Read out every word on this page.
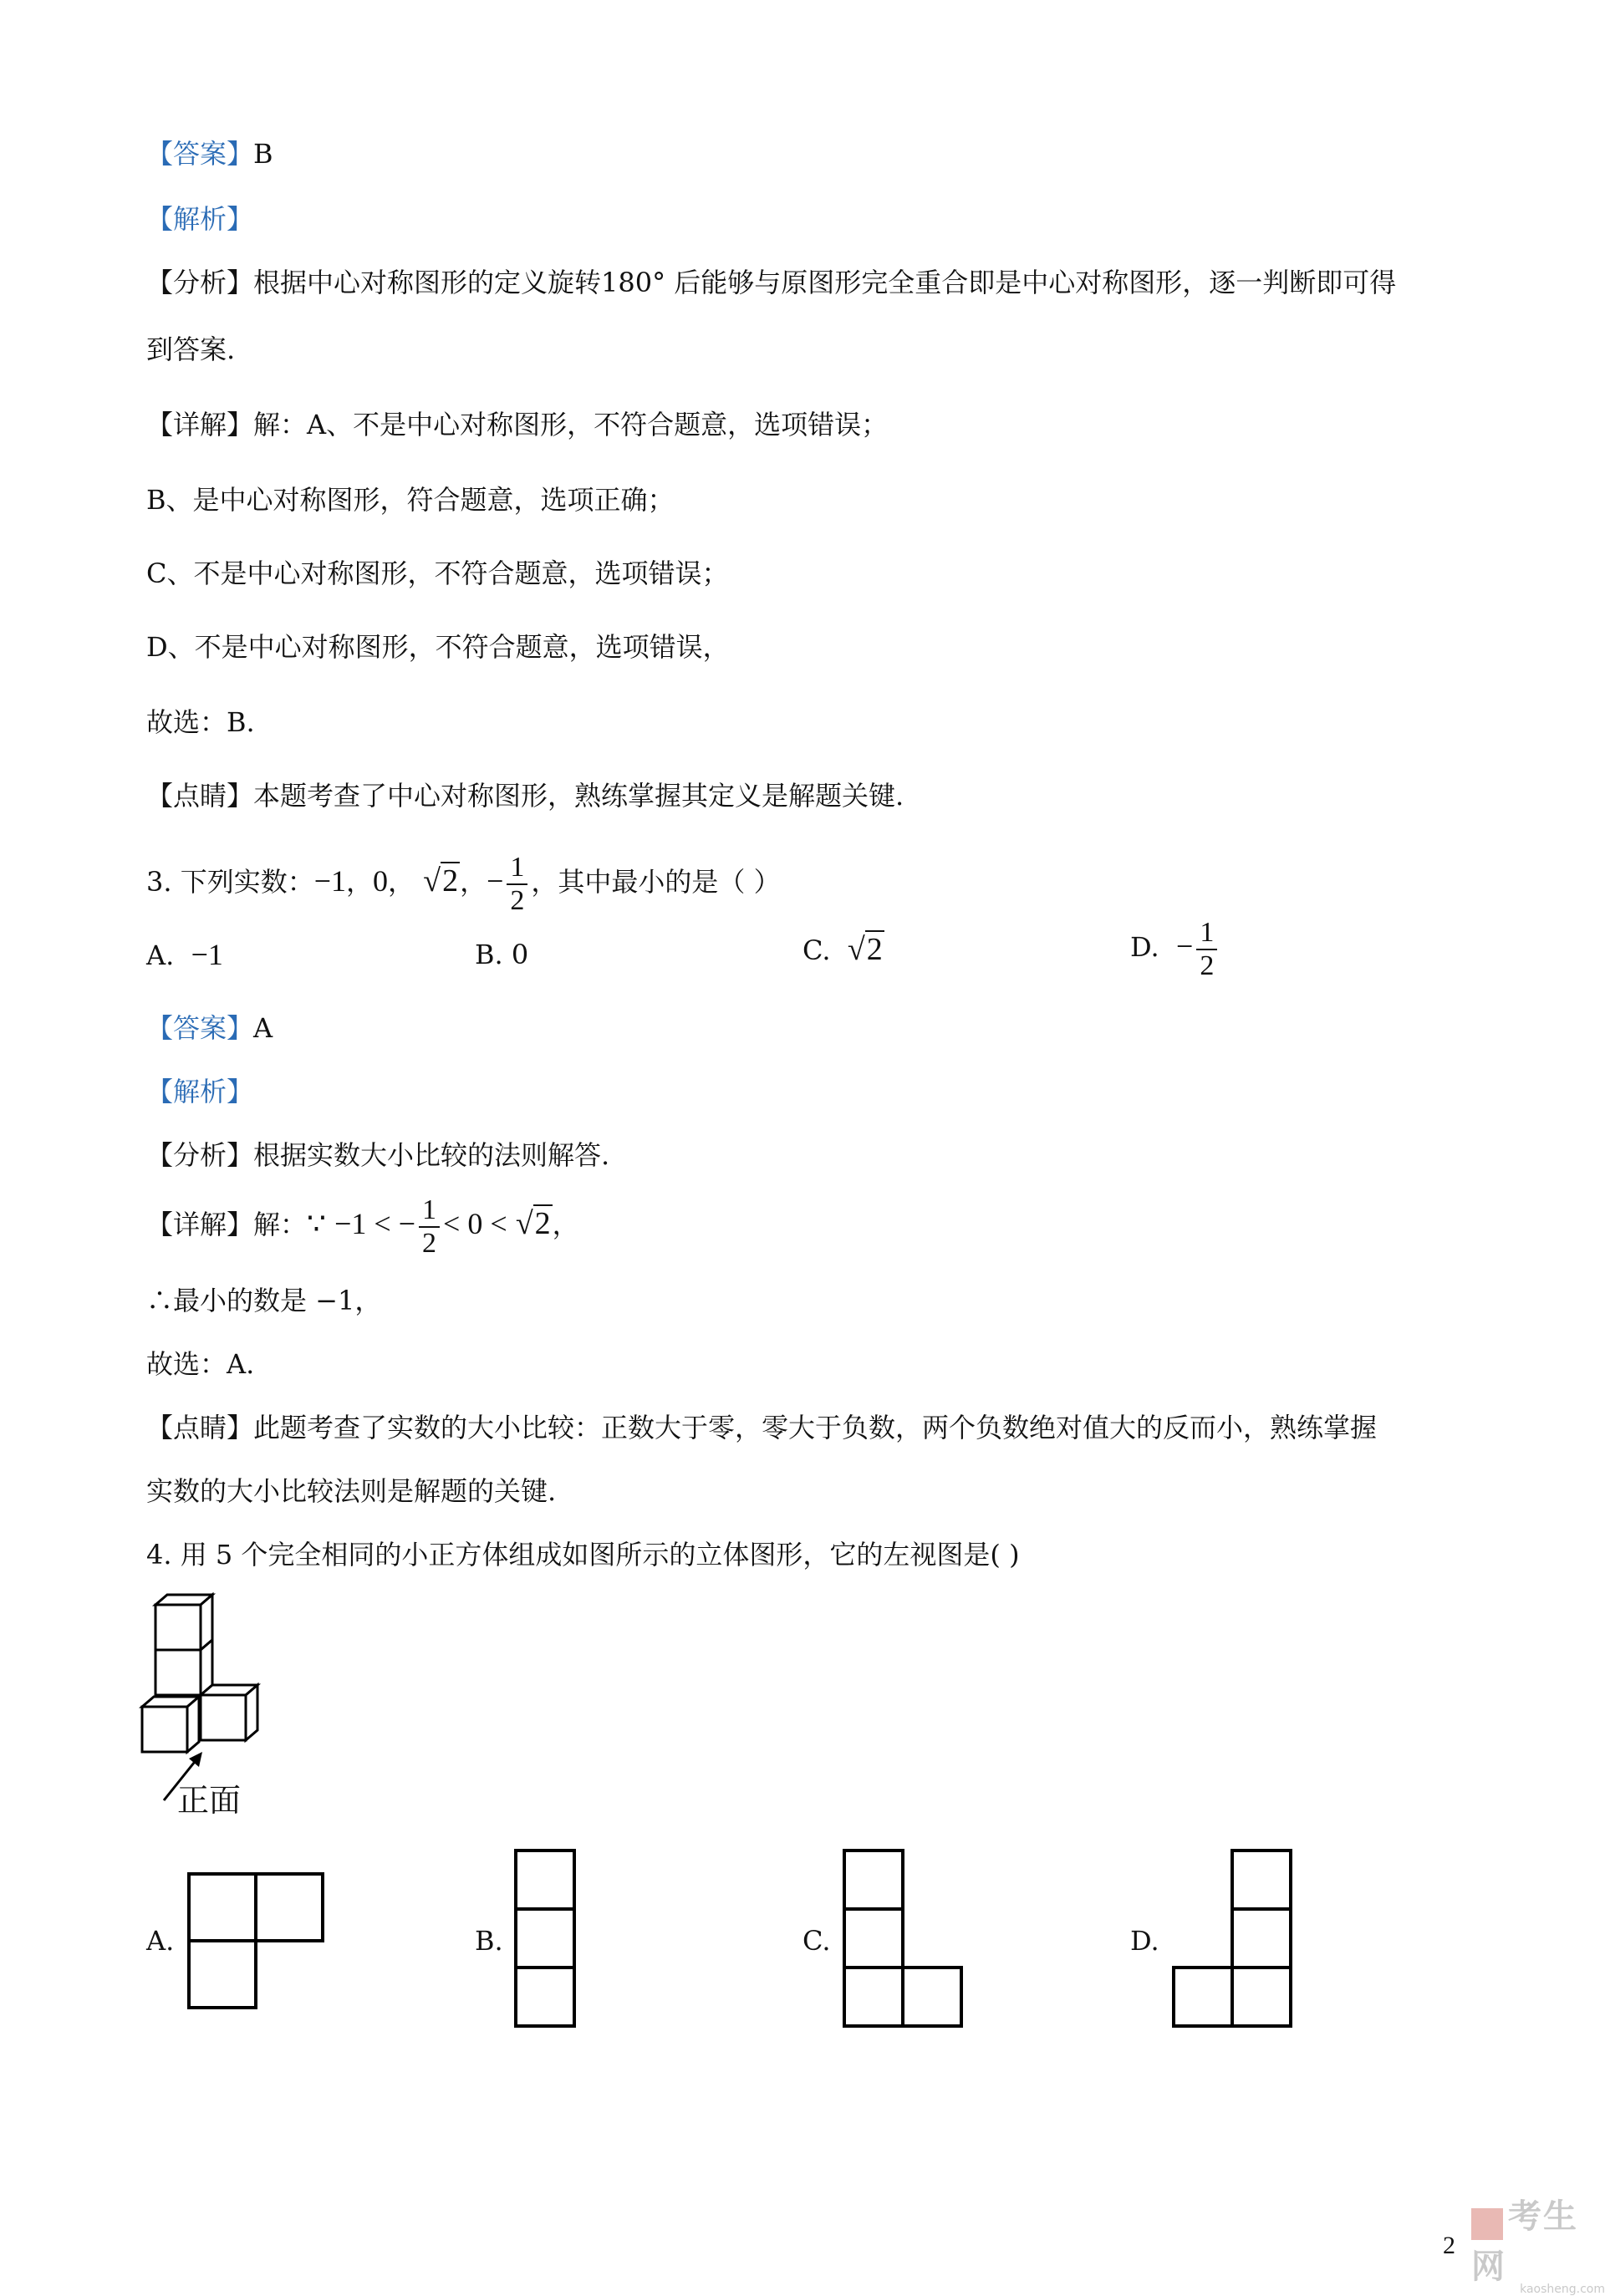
【答案】B
【解析】
【分析】根据中心对称图形的定义旋转180° 后能够与原图形完全重合即是中心对称图形，逐一判断即可得
到答案.
【详解】解：A、不是中心对称图形，不符合题意，选项错误；
B、是中心对称图形，符合题意，选项正确；
C、不是中心对称图形，不符合题意，选项错误；
D、不是中心对称图形，不符合题意，选项错误，
故选：B.
【点睛】本题考查了中心对称图形，熟练掌握其定义是解题关键.
3. 下列实数：−1，0， √2，− $\frac{1}{2}$ ，其中最小的是（ ）
A. −1	B. 0	C. √2	D. − $\frac{1}{2}$
【答案】A
【解析】
【分析】根据实数大小比较的法则解答.
【详解】解：∵ −1 < − $\frac{1}{2} < 0 < √2$，
∴最小的数是 −1，
故选：A.
【点睛】此题考查了实数的大小比较：正数大于零，零大于负数，两个负数绝对值大的反而小，熟练掌握
实数的大小比较法则是解题的关键.
4. 用 5 个完全相同的小正方体组成如图所示的立体图形，它的左视图是( )
正面
A.	B.	C.	D.
考生网
kaosheng.com
2
